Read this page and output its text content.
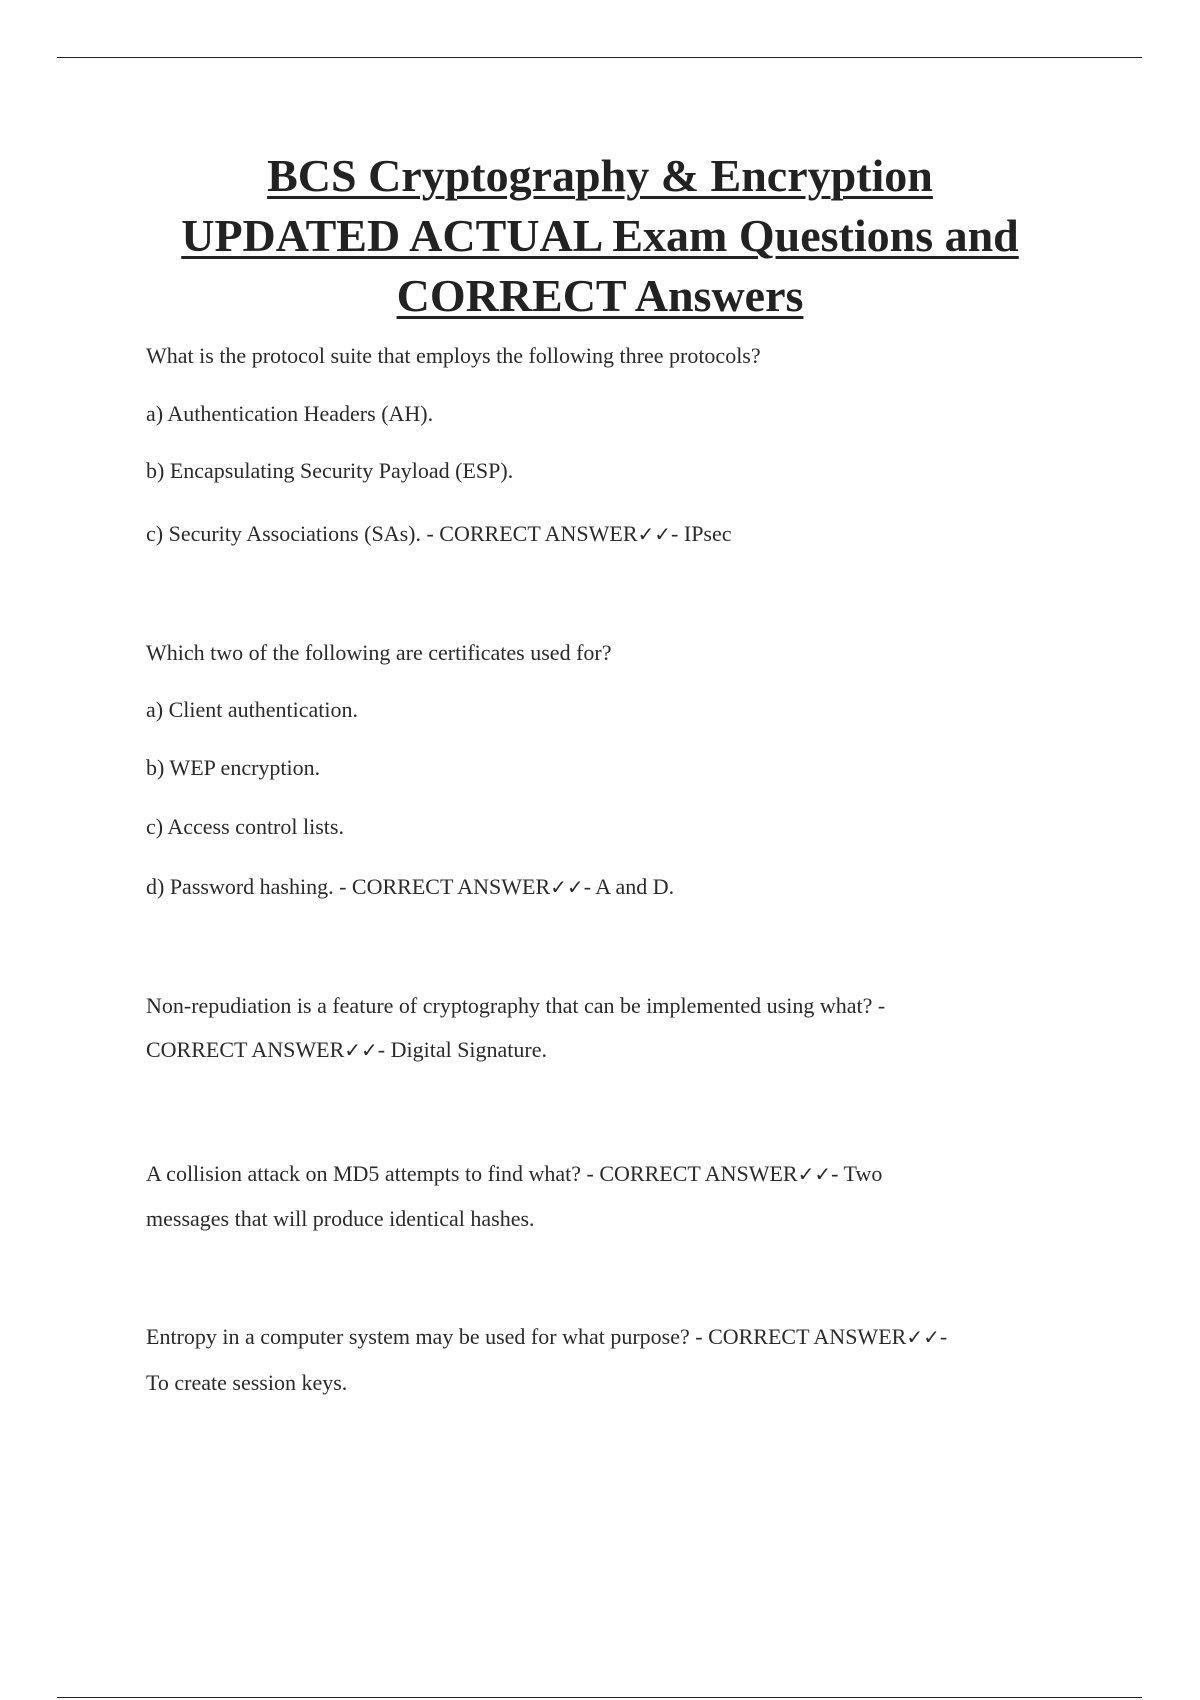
BCS Cryptography & Encryption
UPDATED ACTUAL Exam Questions and
CORRECT Answers
What is the protocol suite that employs the following three protocols?
a) Authentication Headers (AH).
b) Encapsulating Security Payload (ESP).
c) Security Associations (SAs). - CORRECT ANSWER✓✓- IPsec
Which two of the following are certificates used for?
a) Client authentication.
b) WEP encryption.
c) Access control lists.
d) Password hashing. - CORRECT ANSWER✓✓- A and D.
Non-repudiation is a feature of cryptography that can be implemented using what? -
CORRECT ANSWER✓✓- Digital Signature.
A collision attack on MD5 attempts to find what? - CORRECT ANSWER✓✓- Two
messages that will produce identical hashes.
Entropy in a computer system may be used for what purpose? - CORRECT ANSWER✓✓-
To create session keys.
